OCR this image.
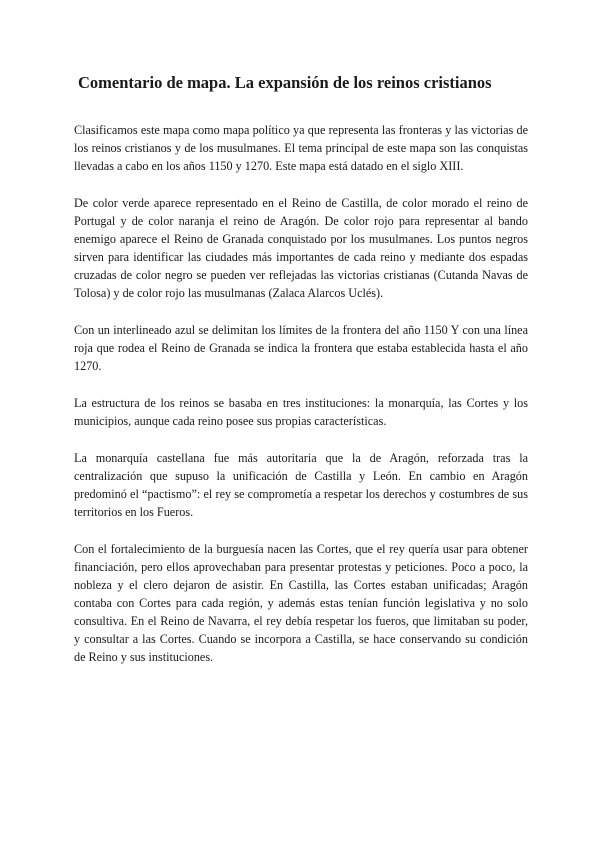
Comentario de mapa. La expansión de los reinos cristianos

Clasificamos este mapa como mapa político ya que representa las fronteras y las victorias de los reinos cristianos y de los musulmanes. El tema principal de este mapa son las conquistas llevadas a cabo en los años 1150 y 1270. Este mapa está datado en el siglo XIII.

De color verde aparece representado en el Reino de Castilla, de color morado el reino de Portugal y de color naranja el reino de Aragón. De color rojo para representar al bando enemigo aparece el Reino de Granada conquistado por los musulmanes. Los puntos negros sirven para identificar las ciudades más importantes de cada reino y mediante dos espadas cruzadas de color negro se pueden ver reflejadas las victorias cristianas (Cutanda Navas de Tolosa) y de color rojo las musulmanas (Zalaca Alarcos Uclés).

Con un interlineado azul se delimitan los límites de la frontera del año 1150 Y con una línea roja que rodea el Reino de Granada se indica la frontera que estaba establecida hasta el año 1270.

La estructura de los reinos se basaba en tres instituciones: la monarquía, las Cortes y los municipios, aunque cada reino posee sus propias características.

La monarquía castellana fue más autoritaria que la de Aragón, reforzada tras la centralización que supuso la unificación de Castilla y León. En cambio en Aragón predominó el “pactismo”: el rey se comprometía a respetar los derechos y costumbres de sus territorios en los Fueros.

Con el fortalecimiento de la burguesía nacen las Cortes, que el rey quería usar para obtener financiación, pero ellos aprovechaban para presentar protestas y peticiones. Poco a poco, la nobleza y el clero dejaron de asistir. En Castilla, las Cortes estaban unificadas; Aragón contaba con Cortes para cada región, y además estas tenían función legislativa y no solo consultiva. En el Reino de Navarra, el rey debía respetar los fueros, que limitaban su poder, y consultar a las Cortes. Cuando se incorpora a Castilla, se hace conservando su condición de Reino y sus instituciones.
